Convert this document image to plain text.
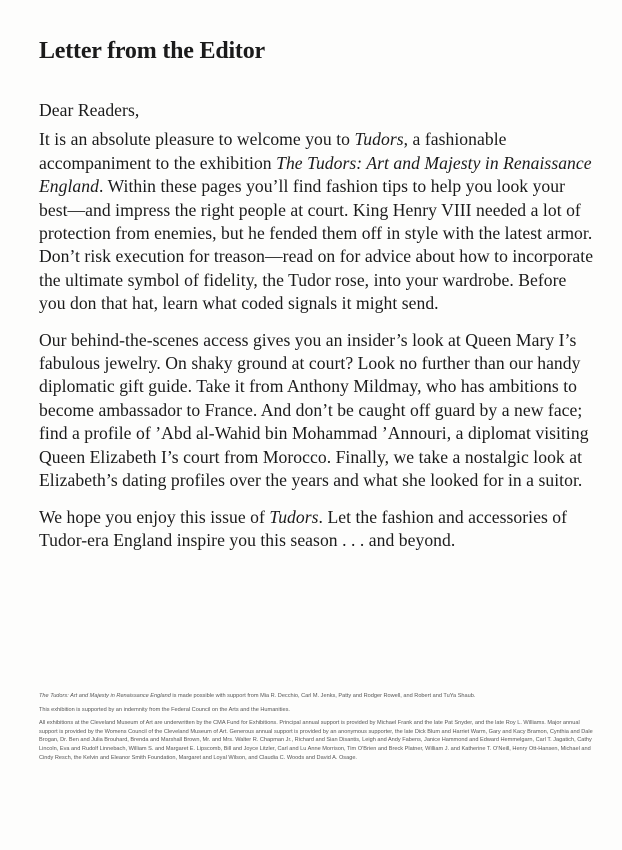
Letter from the Editor

Dear Readers,

It is an absolute pleasure to welcome you to Tudors, a fashionable accompaniment to the exhibition The Tudors: Art and Majesty in Renaissance England. Within these pages you’ll find fashion tips to help you look your best—and impress the right people at court. King Henry VIII needed a lot of protection from enemies, but he fended them off in style with the latest armor. Don’t risk execution for treason—read on for advice about how to incorporate the ultimate symbol of fidelity, the Tudor rose, into your wardrobe. Before you don that hat, learn what coded signals it might send.

Our behind-the-scenes access gives you an insider’s look at Queen Mary I’s fabulous jewelry. On shaky ground at court? Look no further than our handy diplomatic gift guide. Take it from Anthony Mildmay, who has ambitions to become ambassador to France. And don’t be caught off guard by a new face; find a profile of ’Abd al-Wahid bin Mohammad ’Annouri, a diplomat visiting Queen Elizabeth I’s court from Morocco. Finally, we take a nostalgic look at Elizabeth’s dating profiles over the years and what she looked for in a suitor.

We hope you enjoy this issue of Tudors. Let the fashion and accessories of Tudor-era England inspire you this season . . . and beyond.

The Tudors: Art and Majesty in Renaissance England is made possible with support from Mia R. Decchio, Carl M. Jenks, Patty and Rodger Rowell, and Robert and TuYa Shaub.

This exhibition is supported by an indemnity from the Federal Council on the Arts and the Humanities.

All exhibitions at the Cleveland Museum of Art are underwritten by the CMA Fund for Exhibitions. Principal annual support is provided by Michael Frank and the late Pat Snyder, and the late Roy L. Williams. Major annual support is provided by the Womens Council of the Cleveland Museum of Art. Generous annual support is provided by an anonymous supporter, the late Dick Blum and Harriet Warm, Gary and Kacy Bramon, Cynthia and Dale Brogan, Dr. Ben and Julia Brouhard, Brenda and Marshall Brown, Mr. and Mrs. Walter R. Chapman Jr., Richard and Sian Disantis, Leigh and Andy Fabens, Janice Hammond and Edward Hemmelgarn, Carl T. Jagatich, Cathy Lincoln, Eva and Rudolf Linnebach, William S. and Margaret E. Lipscomb, Bill and Joyce Litzler, Carl and Lu Anne Morrison, Tim O’Brien and Breck Platner, William J. and Katherine T. O’Neill, Henry Ott-Hansen, Michael and Cindy Resch, the Kelvin and Eleanor Smith Foundation, Margaret and Loyal Wilson, and Claudia C. Woods and David A. Osage.
